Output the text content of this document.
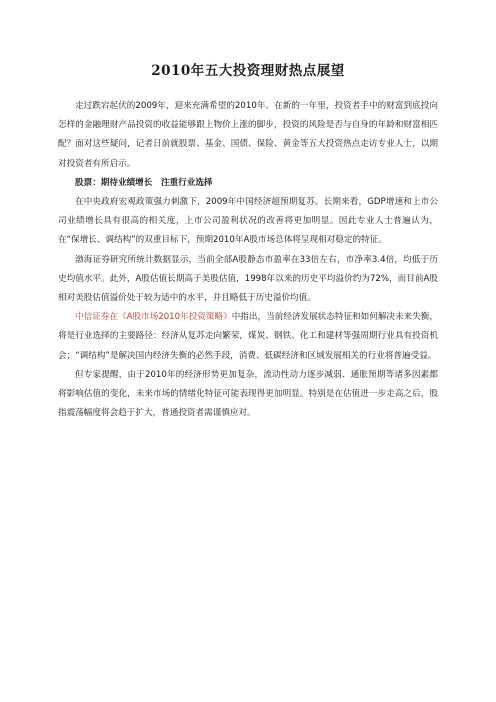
2010年五大投资理财热点展望

走过跌宕起伏的2009年，迎来充满希望的2010年。在新的一年里，投资者手中的财富到底投向怎样的金融理财产品投资的收益能够跟上物价上涨的脚步，投资的风险是否与自身的年龄和财富相匹配？面对这些疑问，记者日前就股票、基金、国债、保险、黄金等五大投资热点走访专业人士，以期对投资者有所启示。

股票：期待业绩增长　注重行业选择

在中央政府宏观政策强力刺激下，2009年中国经济超预期复苏。长期来看，GDP增速和上市公司业绩增长具有很高的相关度，上市公司盈利状况的改善将更加明显。因此专业人士普遍认为，在“保增长、调结构”的双重目标下，预期2010年A股市场总体将呈现相对稳定的特征。

渤海证券研究所统计数据显示，当前全部A股静态市盈率在33倍左右，市净率3.4倍，均低于历史均值水平。此外，A股估值长期高于美股估值，1998年以来的历史平均溢价约为72%，而目前A股相对美股估值溢价处于较为适中的水平，并且略低于历史溢价均值。

中信证券在《A股市场2010年投资策略》中指出，当前经济发展状态特征和如何解决未来失衡，将是行业选择的主要路径：经济从复苏走向繁荣，煤炭、钢铁、化工和建材等强周期行业具有投资机会；“调结构”是解决国内经济失衡的必然手段，消费、低碳经济和区域发展相关的行业将普遍受益。

但专家提醒，由于2010年的经济形势更加复杂，流动性动力逐步减弱、通胀预期等诸多因素都将影响估值的变化，未来市场的情绪化特征可能表现得更加明显。特别是在估值进一步走高之后，股指震荡幅度将会趋于扩大，普通投资者需谨慎应对。
